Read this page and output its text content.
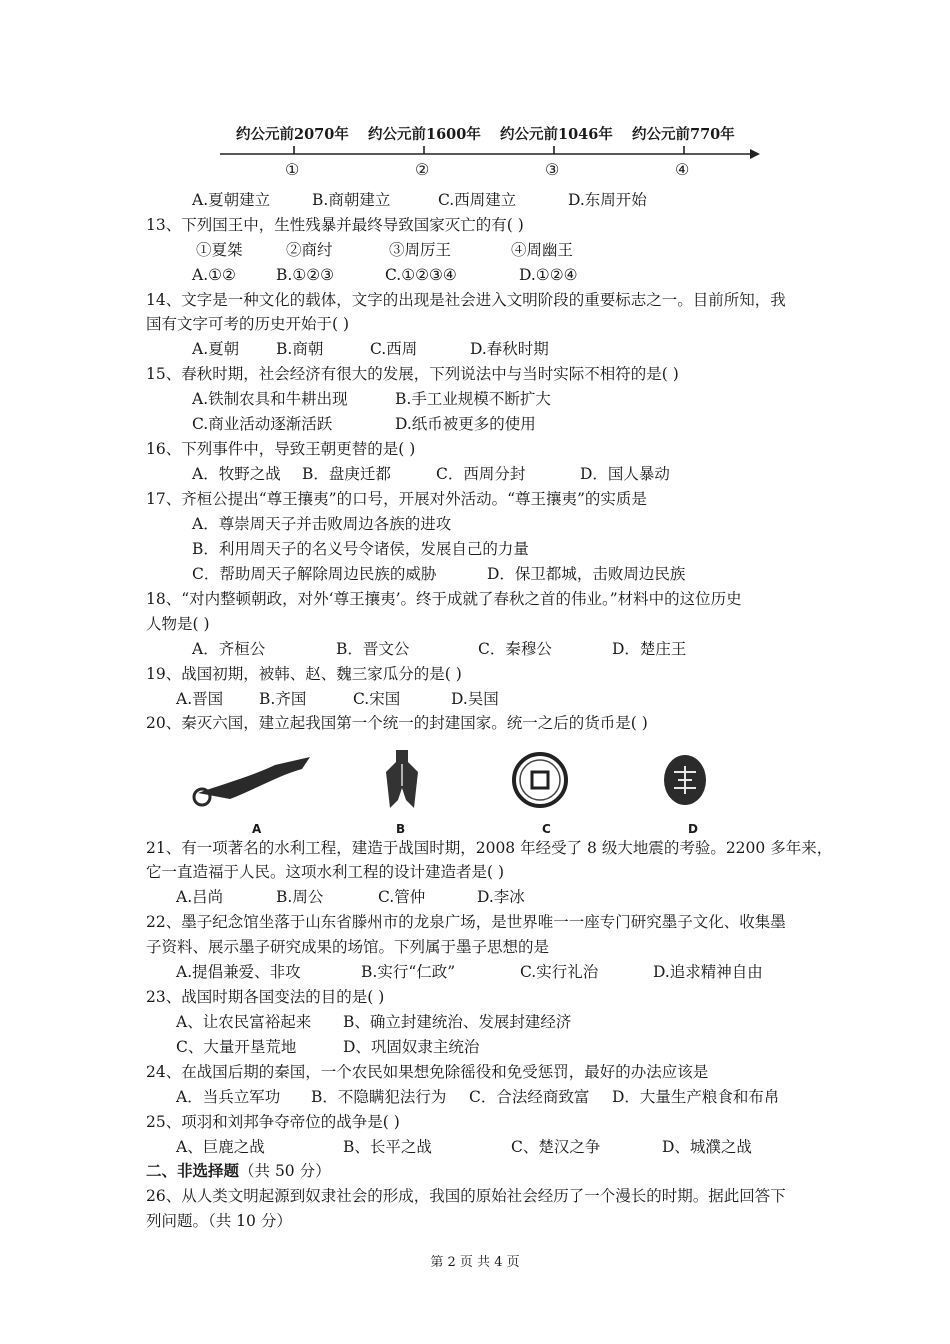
约公元前2070年 约公元前1600年 约公元前1046年 约公元前770年
①	②	③	④
A.夏朝建立	B.商朝建立	C.西周建立	D.东周开始
13、下列国王中，生性残暴并最终导致国家灭亡的有( )
①夏桀	②商纣	③周厉王	④周幽王
A.①②	B.①②③	C.①②③④	D.①②④
14、文字是一种文化的载体，文字的出现是社会进入文明阶段的重要标志之一。目前所知，我
国有文字可考的历史开始于( )
A.夏朝 B.商朝	C.西周	D.春秋时期
15、春秋时期，社会经济有很大的发展，下列说法中与当时实际不相符的是( )
A.铁制农具和牛耕出现	B.手工业规模不断扩大
C.商业活动逐渐活跃	D.纸币被更多的使用
16、下列事件中，导致王朝更替的是( )
A．牧野之战 B．盘庚迁都	C．西周分封	D．国人暴动
17、齐桓公提出“尊王攘夷”的口号，开展对外活动。“尊王攘夷”的实质是
A．尊崇周天子并击败周边各族的进攻
B．利用周天子的名义号令诸侯，发展自己的力量
C．帮助周天子解除周边民族的威胁	D．保卫都城，击败周边民族
18、“对内整顿朝政，对外‘尊王攘夷’。终于成就了春秋之首的伟业。”材料中的这位历史
人物是( )
A．齐桓公	B．晋文公	C．秦穆公	D．楚庄王
19、战国初期，被韩、赵、魏三家瓜分的是( )
A.晋国 B.齐国	C.宋国	D.吴国
20、秦灭六国，建立起我国第一个统一的封建国家。统一之后的货币是( )
A	B	C	D
21、有一项著名的水利工程，建造于战国时期，2008 年经受了 8 级大地震的考验。2200 多年来，
它一直造福于人民。这项水利工程的设计建造者是( )
A.吕尚	B.周公	C.管仲	D.李冰
22、墨子纪念馆坐落于山东省滕州市的龙泉广场，是世界唯一一座专门研究墨子文化、收集墨
子资料、展示墨子研究成果的场馆。下列属于墨子思想的是
A.提倡兼爱、非攻	B.实行“仁政”	C.实行礼治	D.追求精神自由
23、战国时期各国变法的目的是( )
A、让农民富裕起来 B、确立封建统治、发展封建经济
C、大量开垦荒地	D、巩固奴隶主统治
24、在战国后期的秦国，一个农民如果想免除徭役和免受惩罚，最好的办法应该是
A．当兵立军功 B．不隐瞒犯法行为 C．合法经商致富 D．大量生产粮食和布帛
25、项羽和刘邦争夺帝位的战争是( )
A、巨鹿之战	B、长平之战	C、楚汉之争	D、城濮之战
二、非选择题（共 50 分）
26、从人类文明起源到奴隶社会的形成，我国的原始社会经历了一个漫长的时期。据此回答下
列问题。（共 10 分）
第 2 页 共 4 页
